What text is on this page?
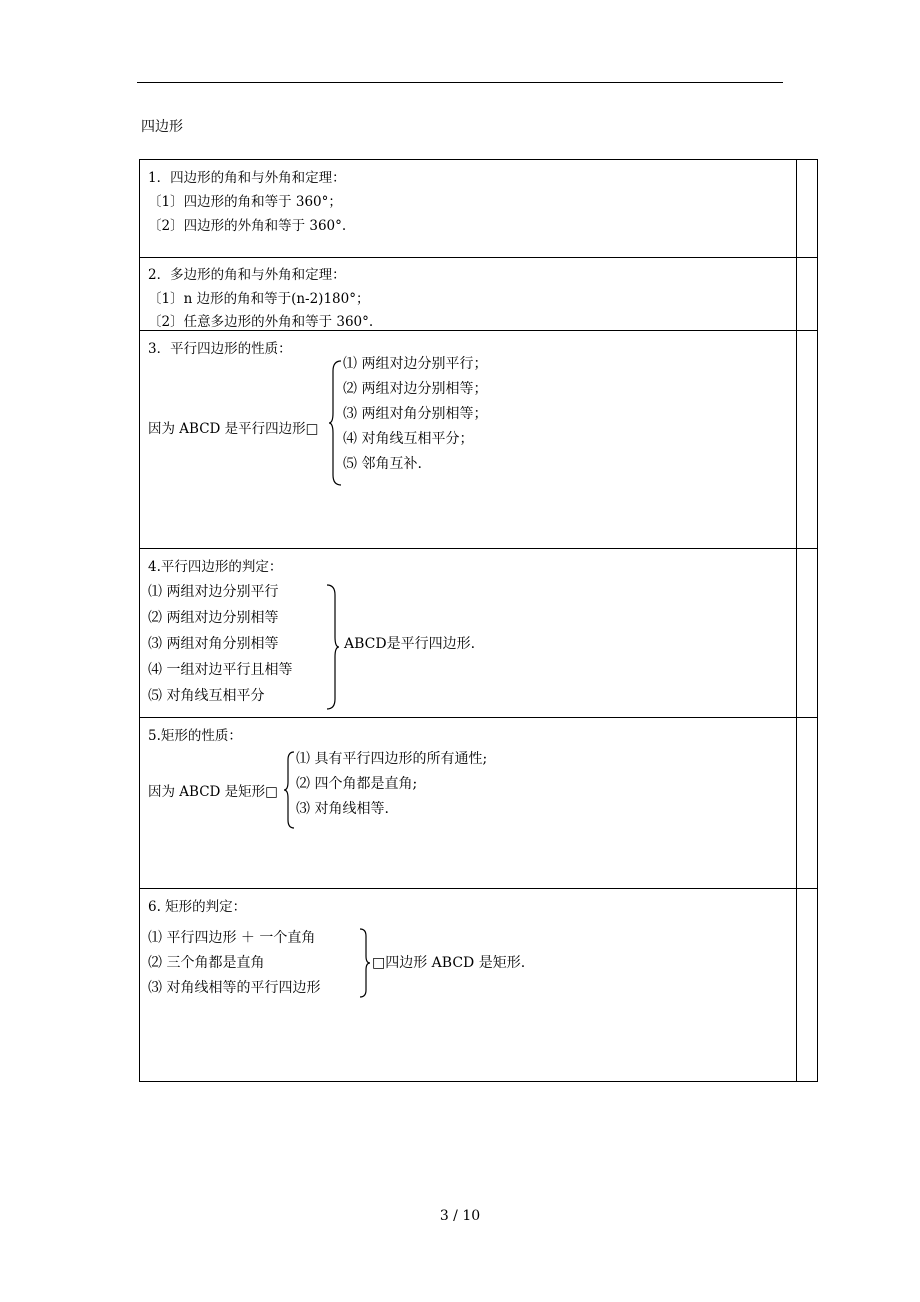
四边形
1．四边形的角和与外角和定理：
〔1〕四边形的角和等于 360°；
〔2〕四边形的外角和等于 360°.
2．多边形的角和与外角和定理：
〔1〕n 边形的角和等于(n-2)180°；
〔2〕任意多边形的外角和等于 360°.
3．平行四边形的性质：
因为 ABCD 是平行四边形□
⑴ 两组对边分别平行；
⑵ 两组对边分别相等；
⑶ 两组对角分别相等；
⑷ 对角线互相平分；
⑸ 邻角互补.
4.平行四边形的判定：
⑴ 两组对边分别平行
⑵ 两组对边分别相等
⑶ 两组对角分别相等
⑷ 一组对边平行且相等
⑸ 对角线互相平分
ABCD是平行四边形.
5.矩形的性质：
因为 ABCD 是矩形□
⑴ 具有平行四边形的所有通性;
⑵ 四个角都是直角;
⑶ 对角线相等.
6. 矩形的判定：
⑴ 平行四边形 ＋ 一个直角
⑵ 三个角都是直角
⑶ 对角线相等的平行四边形
□四边形 ABCD 是矩形.
3 / 10
